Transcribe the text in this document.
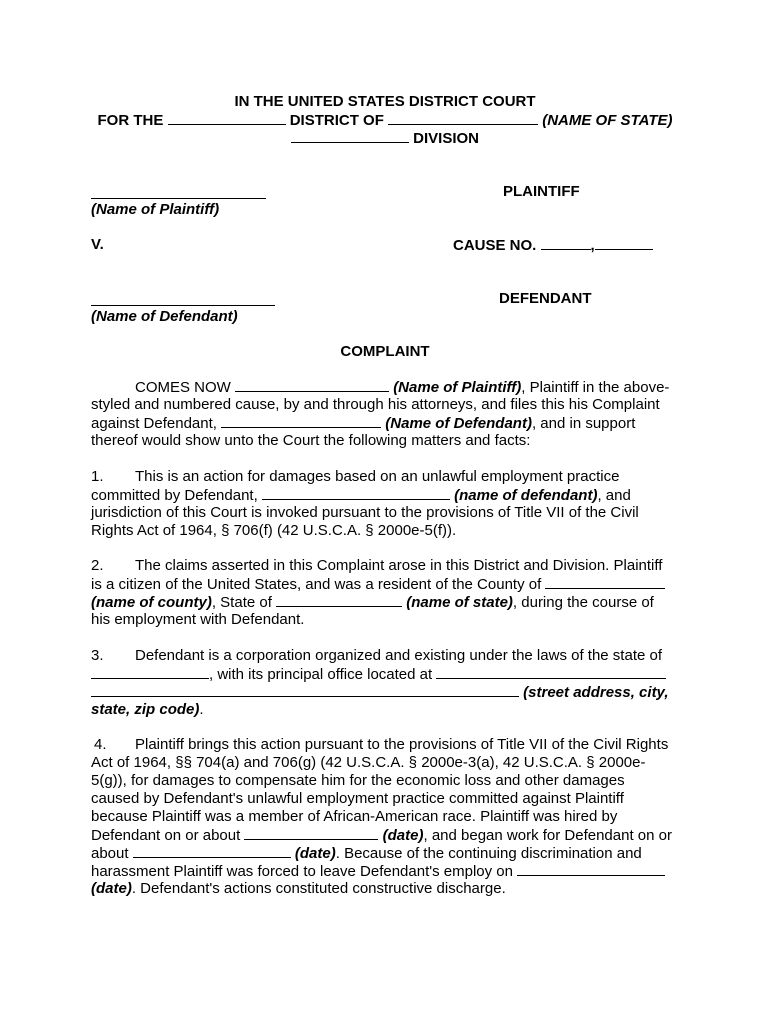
IN THE UNITED STATES DISTRICT COURT
FOR THE	DISTRICT OF	(NAME OF STATE)
DIVISION
PLAINTIFF
(Name of Plaintiff)
V.	CAUSE NO.	,
DEFENDANT
(Name of Defendant)
COMPLAINT
COMES NOW	(Name of Plaintiff), Plaintiff in the above-
styled and numbered cause, by and through his attorneys, and files this his Complaint
against Defendant,	(Name of Defendant), and in support
thereof would show unto the Court the following matters and facts:
1. This is an action for damages based on an unlawful employment practice
committed by Defendant,	(name of defendant), and
jurisdiction of this Court is invoked pursuant to the provisions of Title VII of the Civil
Rights Act of 1964, § 706(f) (42 U.S.C.A. § 2000e-5(f)).
2. The claims asserted in this Complaint arose in this District and Division. Plaintiff
is a citizen of the United States, and was a resident of the County of
(name of county), State of	(name of state), during the course of
his employment with Defendant.
3. Defendant is a corporation organized and existing under the laws of the state of
, with its principal office located at
(street address, city,
state, zip code).
4. Plaintiff brings this action pursuant to the provisions of Title VII of the Civil Rights
Act of 1964, §§ 704(a) and 706(g) (42 U.S.C.A. § 2000e-3(a), 42 U.S.C.A. § 2000e-
5(g)), for damages to compensate him for the economic loss and other damages
caused by Defendant's unlawful employment practice committed against Plaintiff
because Plaintiff was a member of African-American race. Plaintiff was hired by
Defendant on or about	(date), and began work for Defendant on or
about	(date). Because of the continuing discrimination and
harassment Plaintiff was forced to leave Defendant's employ on
(date). Defendant's actions constituted constructive discharge.
